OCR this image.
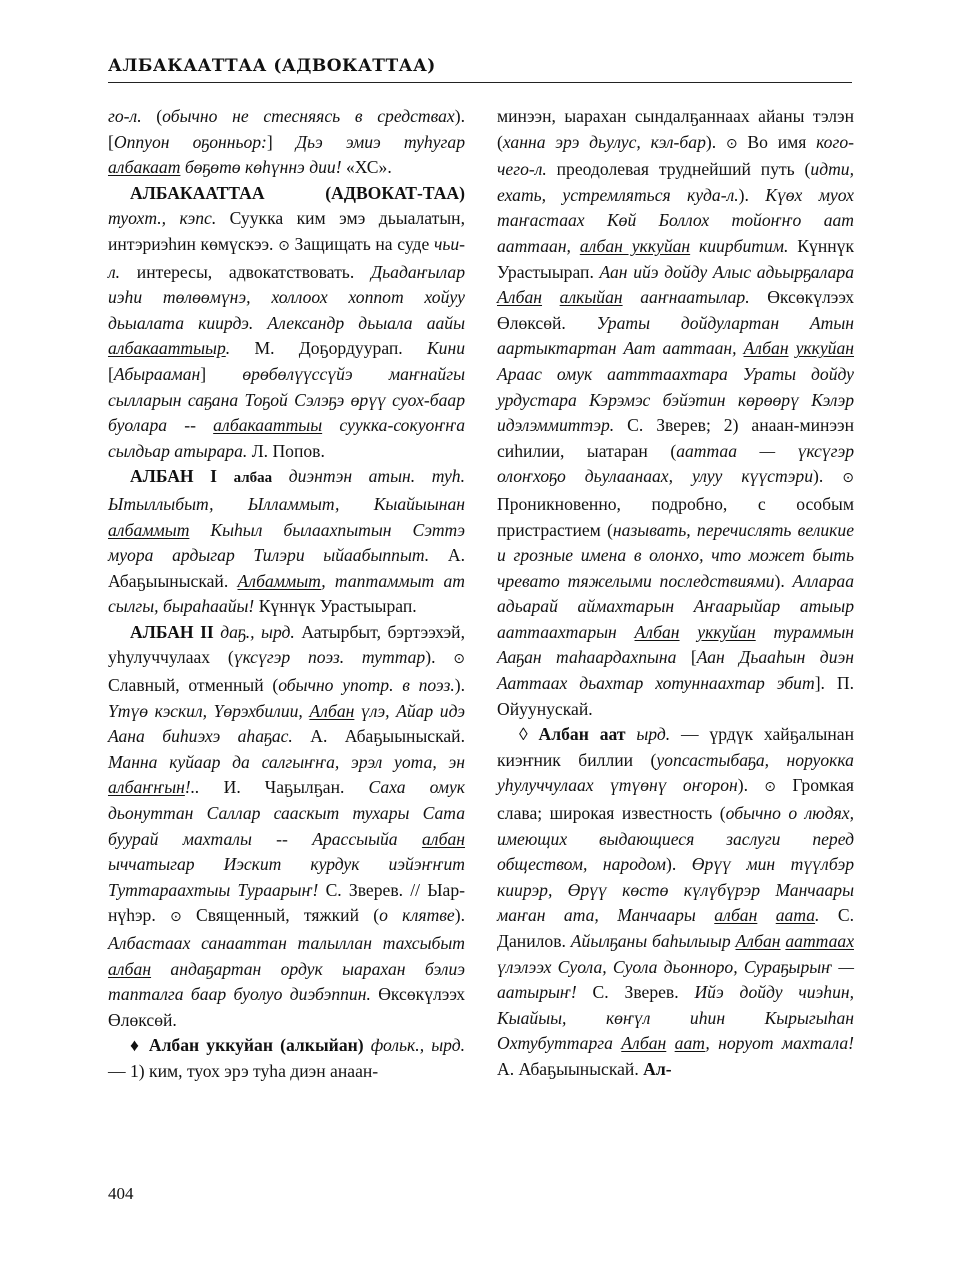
АЛБАКААТТАА (АДВОКАТТАА)

го-л. (обычно не стесняясь в средствах). [Оппуон оҕонньор:] Дьэ эмиэ туһугар албакаат бөҕөтө көһүннэ дии! «ХС».

АЛБАКААТТАА (АДВОКАТ-ТАА) туохт., кэпс. Суукка ким эмэ дьыалатын, интэриэһин көмүскээ. ⊙ Защищать на суде чьи-л. интересы, адвокатствовать. Дьадаҥылар иэһи төлөөмүнэ, холлоох хоппот хойуу дьыалата киирдэ. Александр дьыала аайы албакааттыыр. М. Доҕордуурап. Кини [Абырааман] өрөбөлүүссүйэ маҥнайгы сылларын саҕана Тоҕой Сэлэҕэ өрүү суох-баар буолара -- албакааттыы суукка-сокуоҥҥа сылдьар атырара. Л. Попов.

АЛБАН I албаа диэнтэн атын. туһ. Ытыллыбыт, Ылламмыт, Кыайыынан албаммыт Кыһыл былаахпытын Сэттэ муора ардыгар Тилэри ыйаабыппыт. А. Абаҕыыныскай. Албаммыт, таптаммыт ат сылгы, быраһаайы! Күннүк Урастыырап.

АЛБАН II даҕ., ырд. Аатырбыт, бэртээхэй, уһулуччулаах (үксүгэр поэз. туттар). ⊙ Славный, отменный (обычно употр. в поэз.). Үтүө кэскил, Үөрэхбилии, Албан үлэ, Айар идэ Аана биһиэхэ аһаҕас. А. Абаҕыыныскай. Манна куйаар да салгыҥҥа, эрэл уота, эн албаҥҥын!.. И. Чаҕылҕан. Саха омук дьонуттан Саллар сааскыт тухары Сата буурай махталы -- Арассыыйа албан ыччатыгар Иэскит курдук иэйэҥҥит Туттараахтыы Тураарыҥ! С. Зверев. // Ыар-нүһэр. ⊙ Священный, тяжкий (о клятве). Албастаах санааттан талыллан тахсыбыт албан андаҕартан ордук ыарахан бэлиэ тапталга баар буолуо диэбэппин. Өксөкүлээх Өлөксөй.

♦ Албан уккуйан (алкыйан) фольк., ырд. — 1) ким, туох эрэ туһа диэн анаан-

минээн, ыарахан сындалҕаннаах айаны тэлэн (ханна эрэ дьулус, кэл-бар). ⊙ Во имя кого-чего-л. преодолевая труднейший путь (идти, ехать, устремляться куда-л.). Күөх муох таҥастаах Көй Боллох тойоҥҥо аат ааттаан, албан уккуйан киирбитим. Күннүк Урастыырап. Аан ийэ дойду Алыс адьырҕалара Албан алкыйан ааҥнаатылар. Өксөкүлээх Өлөксөй. Ураты дойдулартан Атын аартыктартан Аат ааттаан, Албан уккуйан Араас омук аатттаахтара Ураты дойду урдустара Кэрэмэс бэйэтин көрөөрү Кэлэр идэлэммиттэр. С. Зверев; 2) анаан-минээн сиһилии, ыатаран (ааттаа — үксүгэр олоҥхоҕо дьулаанаах, улуу күүстэри). ⊙ Проникновенно, подробно, с особым пристрастием (называть, перечислять великие и грозные имена в олонхо, что может быть чревато тяжелыми последствиями). Аллараа адьарай аймахтарын Аҥаарыйар атыыр ааттаахтарын Албан уккуйан тураммын Ааҕан таһаардахпына [Аан Дьааһын диэн Ааттаах дьахтар хотуннаахтар эбит]. П. Ойуунускай.

◊ Албан аат ырд. — үрдүк хайҕалынан киэҥник биллии (уопсастыбаҕа, норуокка уһулуччулаах үтүөнү оҥорон). ⊙ Громкая слава; широкая известность (обычно о людях, имеющих выдающиеся заслуги перед обществом, народом). Өрүү мин түүлбэр киирэр, Өрүү көстө күлүбүрэр Манчаары маҥан ата, Манчаары албан аата. С. Данилов. Айылҕаны баһылыыр Албан ааттаах үлэлээх Суола, Суола дьонноро, Сураҕырыҥ — аатырыҥ! С. Зверев. Ийэ дойду чиэһин, Кыайыы, көҥүл иһин Кырыгыһан Охтубуттарга Албан аат, норуот махтала! А. Абаҕыыныскай. Ал-

404
